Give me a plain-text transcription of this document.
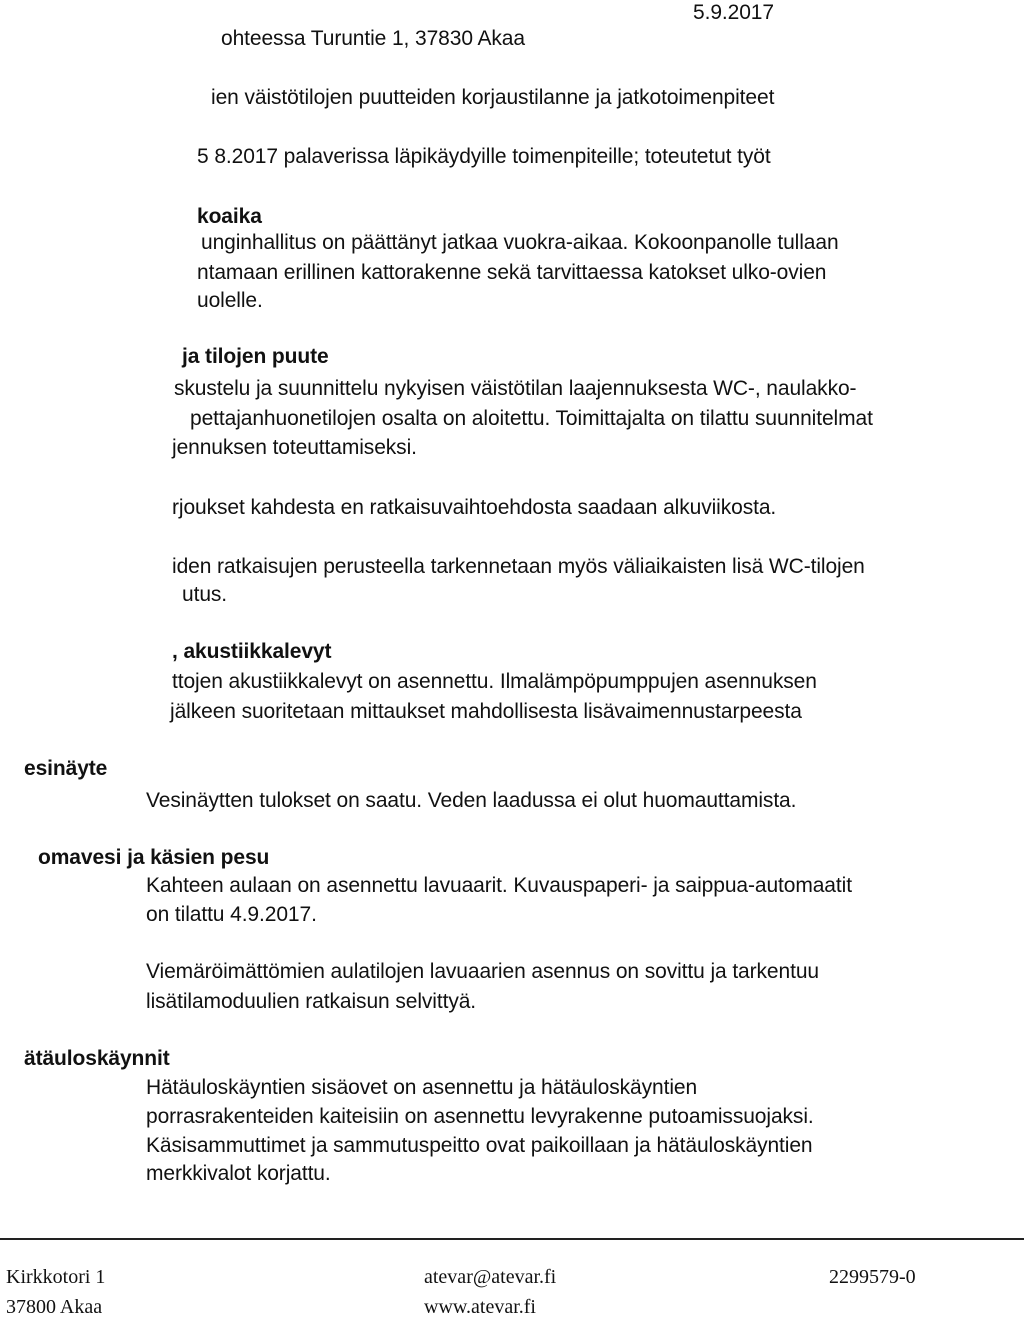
ohteessa Turuntie 1, 37830 Akaa
5.9.2017
ien väistötilojen puutteiden korjaustilanne ja jatkotoimenpiteet
5 8.2017 palaverissa läpikäydyille toimenpiteille; toteutetut työt
koaika
unginhallitus on päättänyt jatkaa vuokra-aikaa. Kokoonpanolle tullaan
ntamaan erillinen kattorakenne sekä tarvittaessa katokset ulko-ovien
uolelle.
ja tilojen puute
skustelu ja suunnittelu nykyisen väistötilan laajennuksesta WC-, naulakko-
pettajanhuonetilojen osalta on aloitettu. Toimittajalta on tilattu suunnitelmat
jennuksen toteuttamiseksi.
rjoukset kahdesta en ratkaisuvaihtoehdosta saadaan alkuviikosta.
iden ratkaisujen perusteella tarkennetaan myös väliaikaisten lisä WC-tilojen
utus.
, akustiikkalevyt
ttojen akustiikkalevyt on asennettu. Ilmalämpöpumppujen asennuksen
jälkeen suoritetaan mittaukset mahdollisesta lisävaimennustarpeesta
esinäyte
Vesinäytten tulokset on saatu. Veden laadussa ei olut huomauttamista.
omavesi ja käsien pesu
Kahteen aulaan on asennettu lavuaarit. Kuvauspaperi- ja saippua-automaatit
on tilattu 4.9.2017.
Viemäröimättömien aulatilojen lavuaarien asennus on sovittu ja tarkentuu
lisätilamoduulien ratkaisun selvittyä.
ätäuloskäynnit
Hätäuloskäyntien sisäovet on asennettu ja hätäuloskäyntien
porrasrakenteiden kaiteisiin on asennettu levyrakenne putoamissuojaksi.
Käsisammuttimet ja sammutuspeitto ovat paikoillaan ja hätäuloskäyntien
merkkivalot korjattu.
Kirkkotori 1
37800 Akaa
atevar@atevar.fi
www.atevar.fi
2299579-0
